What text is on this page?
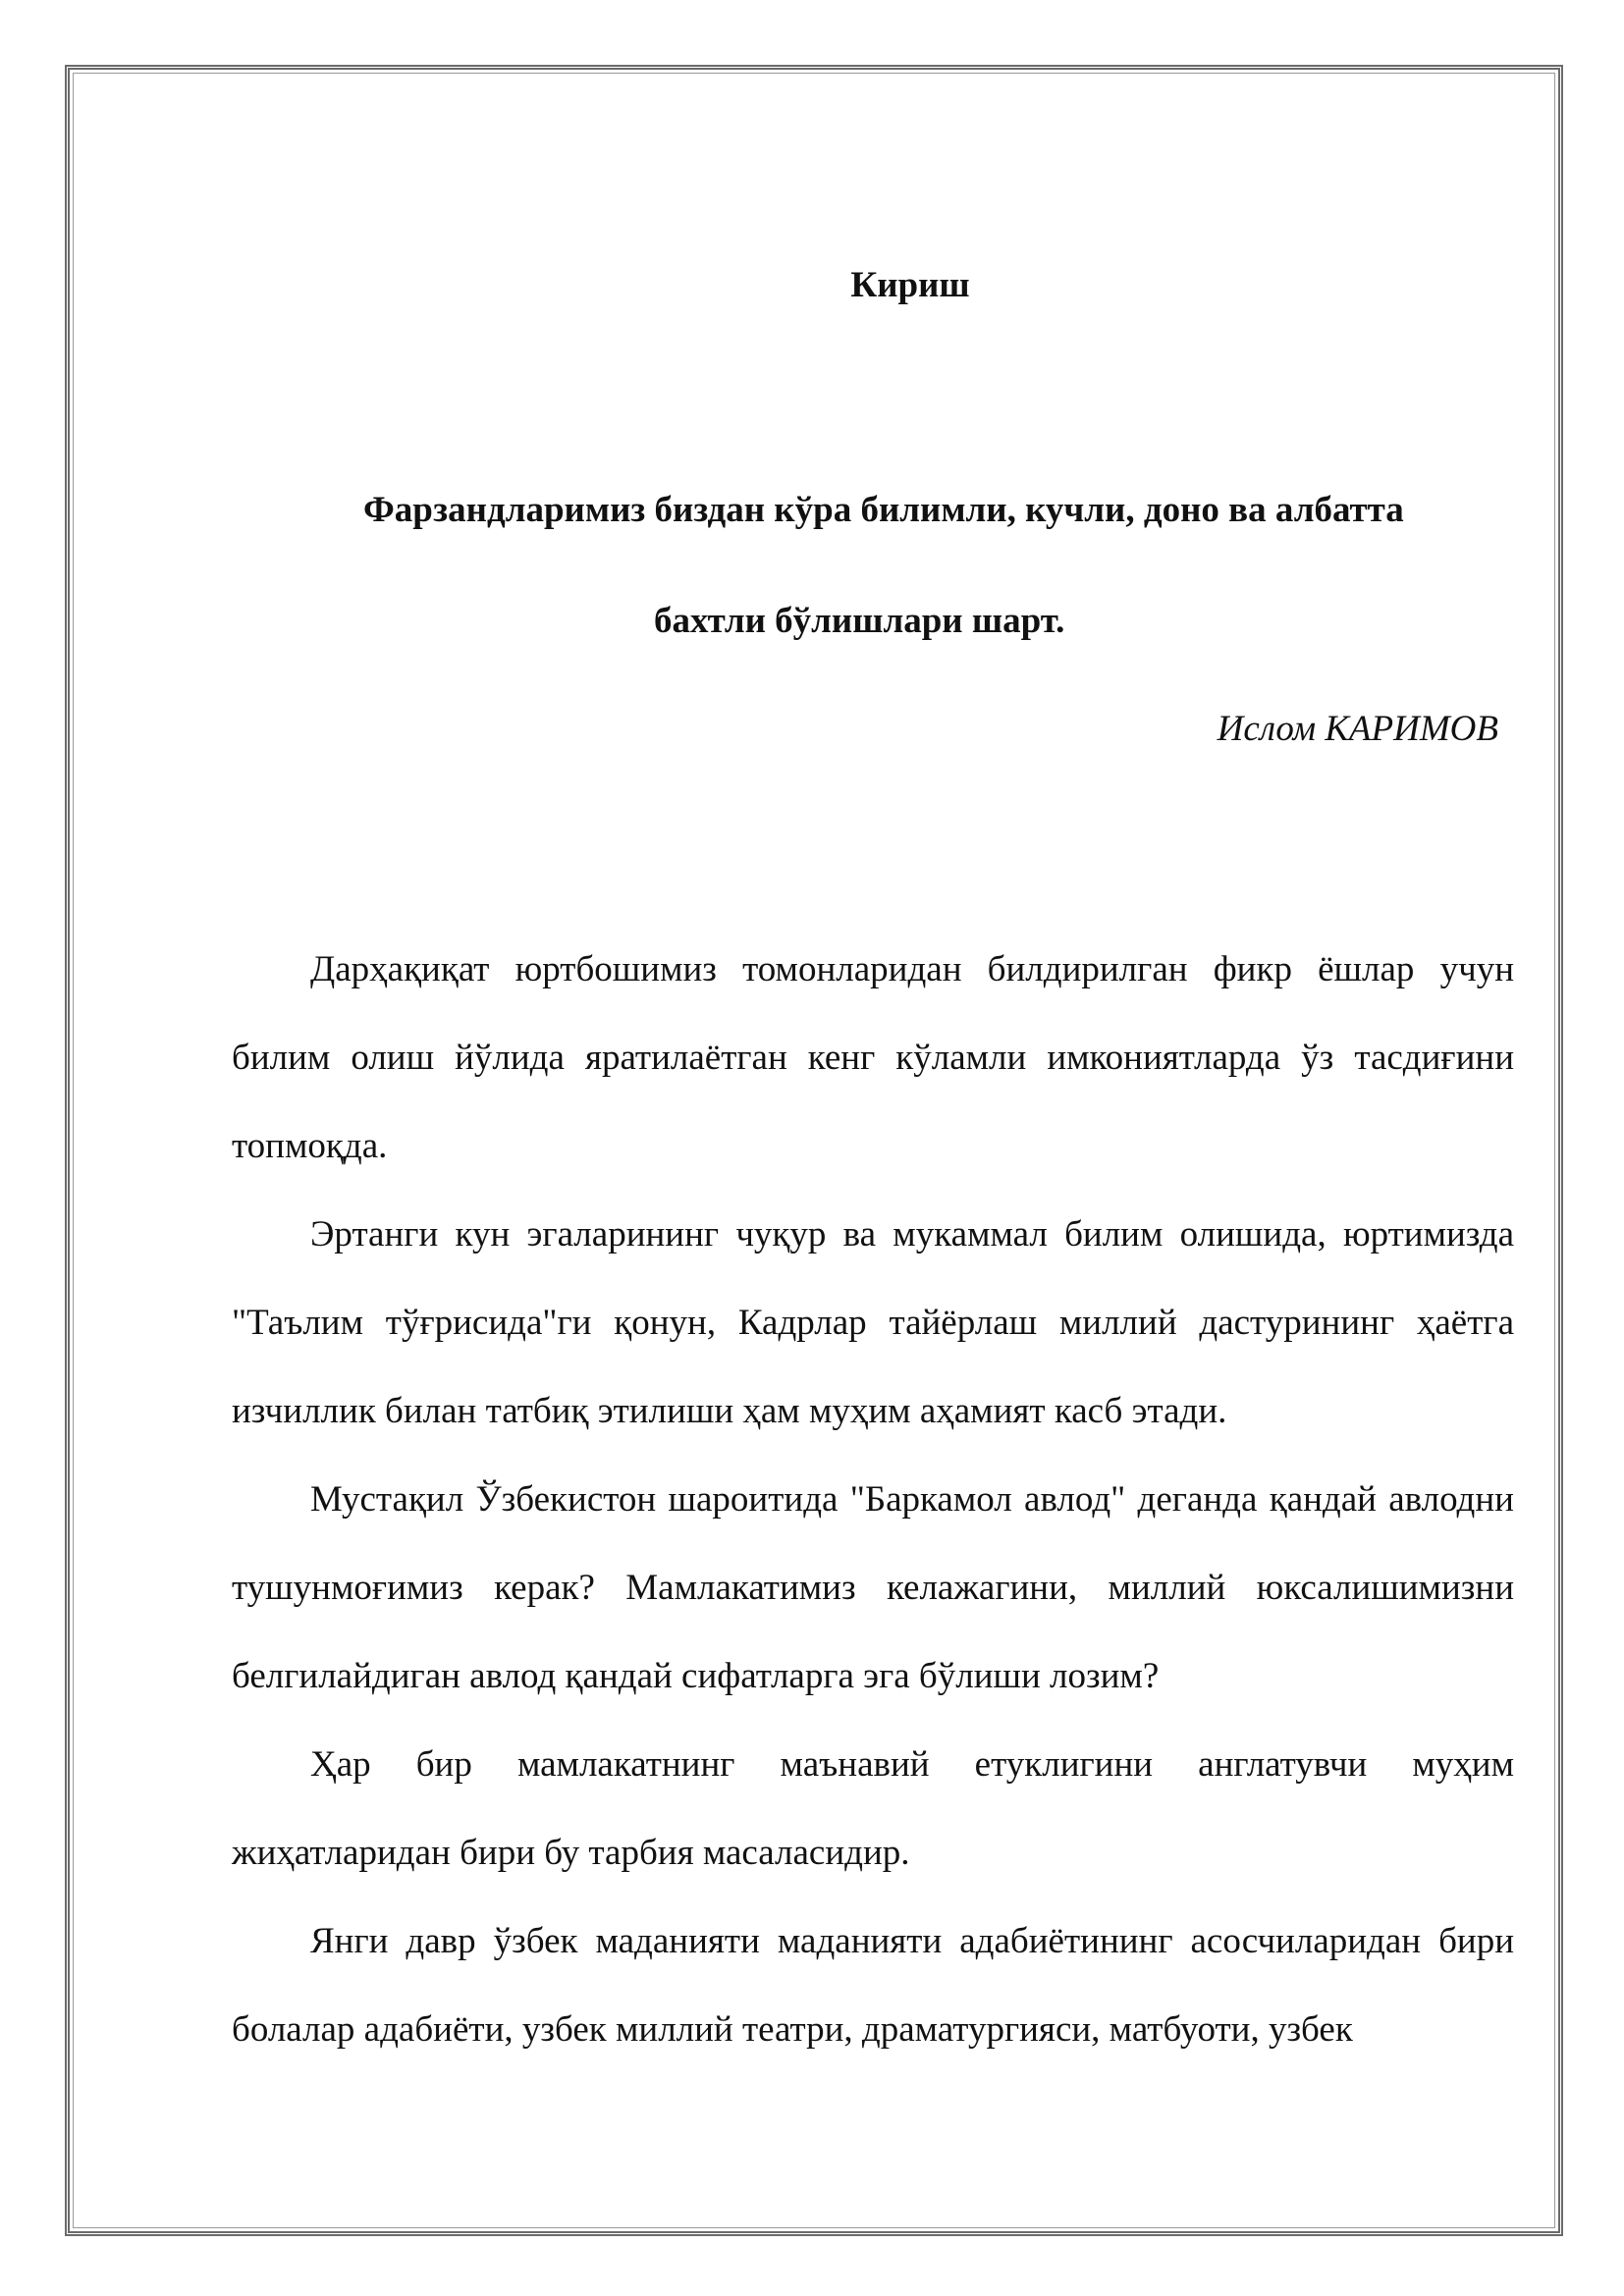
Кириш
Фарзандларимиз биздан кўра билимли, кучли, доно ва албатта
бахтли бўлишлари шарт.
Ислом КАРИМОВ

Дарҳақиқат юртбошимиз томонларидан билдирилган фикр ёшлар учун билим олиш йўлида яратилаётган кенг кўламли имкониятларда ўз тасдиғини топмоқда.

Эртанги кун эгаларининг чуқур ва мукаммал билим олишида, юртимизда "Таълим тўғрисида"ги қонун, Кадрлар тайёрлаш миллий дастурининг ҳаётга изчиллик билан татбиқ этилиши ҳам муҳим аҳамият касб этади.

Мустақил Ўзбекистон шароитида "Баркамол авлод" деганда қандай авлодни тушунмоғимиз керак? Мамлакатимиз келажагини, миллий юксалишимизни белгилайдиган авлод қандай сифатларга эга бўлиши лозим?

Ҳар бир мамлакатнинг маънавий етуклигини англатувчи муҳим жиҳатларидан бири бу тарбия масаласидир.

Янги давр ўзбек маданияти маданияти адабиётининг асосчиларидан бири болалар адабиёти, узбек миллий театри, драматургияси, матбуоти, узбек
